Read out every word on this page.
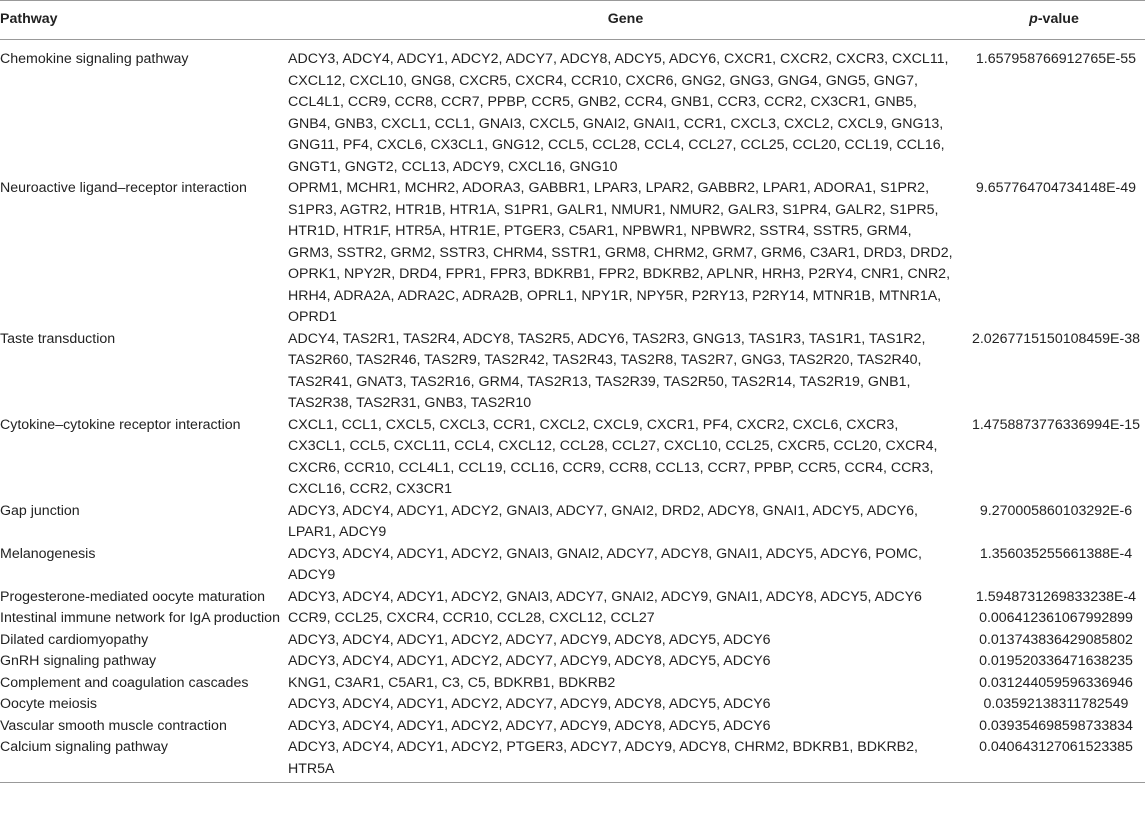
Pathway	Gene	p-value
Chemokine signaling pathway	ADCY3, ADCY4, ADCY1, ADCY2, ADCY7, ADCY8, ADCY5, ADCY6, CXCR1, CXCR2, CXCR3, CXCL11, CXCL12, CXCL10, GNG8, CXCR5, CXCR4, CCR10, CXCR6, GNG2, GNG3, GNG4, GNG5, GNG7, CCL4L1, CCR9, CCR8, CCR7, PPBP, CCR5, GNB2, CCR4, GNB1, CCR3, CCR2, CX3CR1, GNB5, GNB4, GNB3, CXCL1, CCL1, GNAI3, CXCL5, GNAI2, GNAI1, CCR1, CXCL3, CXCL2, CXCL9, GNG13, GNG11, PF4, CXCL6, CX3CL1, GNG12, CCL5, CCL28, CCL4, CCL27, CCL25, CCL20, CCL19, CCL16, GNGT1, GNGT2, CCL13, ADCY9, CXCL16, GNG10	1.657958766912765E-55
Neuroactive ligand–receptor interaction	OPRM1, MCHR1, MCHR2, ADORA3, GABBR1, LPAR3, LPAR2, GABBR2, LPAR1, ADORA1, S1PR2, S1PR3, AGTR2, HTR1B, HTR1A, S1PR1, GALR1, NMUR1, NMUR2, GALR3, S1PR4, GALR2, S1PR5, HTR1D, HTR1F, HTR5A, HTR1E, PTGER3, C5AR1, NPBWR1, NPBWR2, SSTR4, SSTR5, GRM4, GRM3, SSTR2, GRM2, SSTR3, CHRM4, SSTR1, GRM8, CHRM2, GRM7, GRM6, C3AR1, DRD3, DRD2, OPRK1, NPY2R, DRD4, FPR1, FPR3, BDKRB1, FPR2, BDKRB2, APLNR, HRH3, P2RY4, CNR1, CNR2, HRH4, ADRA2A, ADRA2C, ADRA2B, OPRL1, NPY1R, NPY5R, P2RY13, P2RY14, MTNR1B, MTNR1A, OPRD1	9.657764704734148E-49
Taste transduction	ADCY4, TAS2R1, TAS2R4, ADCY8, TAS2R5, ADCY6, TAS2R3, GNG13, TAS1R3, TAS1R1, TAS1R2, TAS2R60, TAS2R46, TAS2R9, TAS2R42, TAS2R43, TAS2R8, TAS2R7, GNG3, TAS2R20, TAS2R40, TAS2R41, GNAT3, TAS2R16, GRM4, TAS2R13, TAS2R39, TAS2R50, TAS2R14, TAS2R19, GNB1, TAS2R38, TAS2R31, GNB3, TAS2R10	2.0267715150108459E-38
Cytokine–cytokine receptor interaction	CXCL1, CCL1, CXCL5, CXCL3, CCR1, CXCL2, CXCL9, CXCR1, PF4, CXCR2, CXCL6, CXCR3, CX3CL1, CCL5, CXCL11, CCL4, CXCL12, CCL28, CCL27, CXCL10, CCL25, CXCR5, CCL20, CXCR4, CXCR6, CCR10, CCL4L1, CCL19, CCL16, CCR9, CCR8, CCL13, CCR7, PPBP, CCR5, CCR4, CCR3, CXCL16, CCR2, CX3CR1	1.4758873776336994E-15
Gap junction	ADCY3, ADCY4, ADCY1, ADCY2, GNAI3, ADCY7, GNAI2, DRD2, ADCY8, GNAI1, ADCY5, ADCY6, LPAR1, ADCY9	9.270005860103292E-6
Melanogenesis	ADCY3, ADCY4, ADCY1, ADCY2, GNAI3, GNAI2, ADCY7, ADCY8, GNAI1, ADCY5, ADCY6, POMC, ADCY9	1.356035255661388E-4
Progesterone-mediated oocyte maturation	ADCY3, ADCY4, ADCY1, ADCY2, GNAI3, ADCY7, GNAI2, ADCY9, GNAI1, ADCY8, ADCY5, ADCY6	1.5948731269833238E-4
Intestinal immune network for IgA production	CCR9, CCL25, CXCR4, CCR10, CCL28, CXCL12, CCL27	0.006412361067992899
Dilated cardiomyopathy	ADCY3, ADCY4, ADCY1, ADCY2, ADCY7, ADCY9, ADCY8, ADCY5, ADCY6	0.013743836429085802
GnRH signaling pathway	ADCY3, ADCY4, ADCY1, ADCY2, ADCY7, ADCY9, ADCY8, ADCY5, ADCY6	0.019520336471638235
Complement and coagulation cascades	KNG1, C3AR1, C5AR1, C3, C5, BDKRB1, BDKRB2	0.031244059596336946
Oocyte meiosis	ADCY3, ADCY4, ADCY1, ADCY2, ADCY7, ADCY9, ADCY8, ADCY5, ADCY6	0.03592138311782549
Vascular smooth muscle contraction	ADCY3, ADCY4, ADCY1, ADCY2, ADCY7, ADCY9, ADCY8, ADCY5, ADCY6	0.039354698598733834
Calcium signaling pathway	ADCY3, ADCY4, ADCY1, ADCY2, PTGER3, ADCY7, ADCY9, ADCY8, CHRM2, BDKRB1, BDKRB2, HTR5A	0.040643127061523385
